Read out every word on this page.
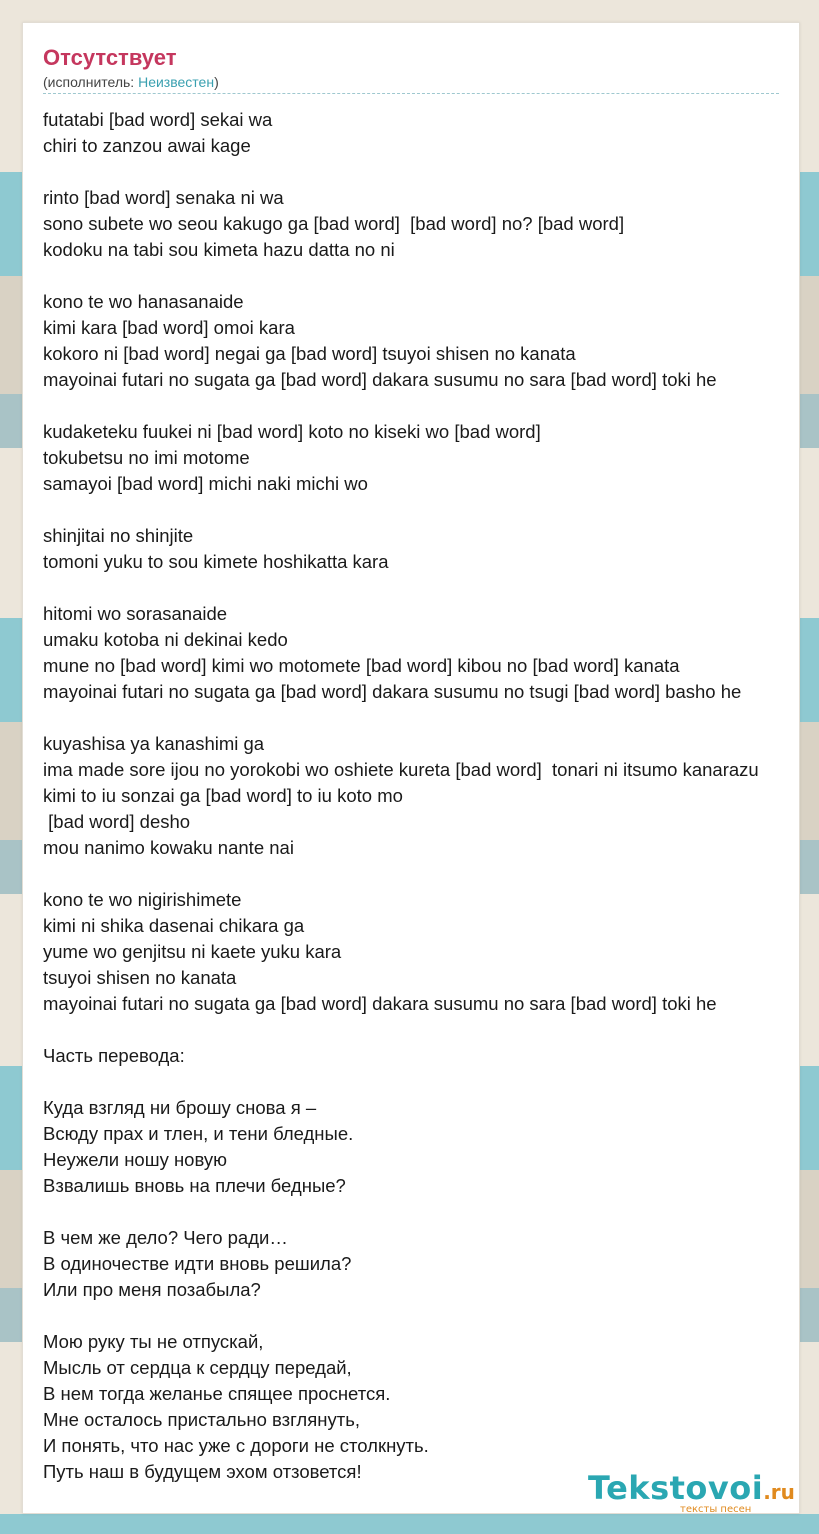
Отсутствует
(исполнитель: Неизвестен)
futatabi [bad word] sekai wa
chiri to zanzou awai kage
rinto [bad word] senaka ni wa
sono subete wo seou kakugo ga [bad word]  [bad word] no? [bad word]
kodoku na tabi sou kimeta hazu datta no ni
kono te wo hanasanaide
kimi kara [bad word] omoi kara
kokoro ni [bad word] negai ga [bad word] tsuyoi shisen no kanata
mayoinai futari no sugata ga [bad word] dakara susumu no sara [bad word] toki he
kudaketeku fuukei ni [bad word] koto no kiseki wo [bad word]
tokubetsu no imi motome
samayoi [bad word] michi naki michi wo
shinjitai no shinjite
tomoni yuku to sou kimete hoshikatta kara
hitomi wo sorasanaide
umaku kotoba ni dekinai kedo
mune no [bad word] kimi wo motomete [bad word] kibou no [bad word] kanata
mayoinai futari no sugata ga [bad word] dakara susumu no tsugi [bad word] basho he
kuyashisa ya kanashimi ga
ima made sore ijou no yorokobi wo oshiete kureta [bad word]  tonari ni itsumo kanarazu
kimi to iu sonzai ga [bad word] to iu koto mo
[bad word] desho
mou nanimo kowaku nante nai
kono te wo nigirishimete
kimi ni shika dasenai chikara ga
yume wo genjitsu ni kaete yuku kara
tsuyoi shisen no kanata
mayoinai futari no sugata ga [bad word] dakara susumu no sara [bad word] toki he
Часть перевода:
Куда взгляд ни брошу снова я –
Всюду прах и тлен, и тени бледные.
Неужели ношу новую
Взвалишь вновь на плечи бедные?
В чем же дело? Чего ради…
В одиночестве идти вновь решила?
Или про меня позабыла?
Мою руку ты не отпускай,
Мысль от сердца к сердцу передай,
В нем тогда желанье спящее проснется.
Мне осталось пристально взглянуть,
И понять, что нас уже с дороги не столкнуть.
Путь наш в будущем эхом отзовется!	Tekstovoi.ru
тексты песен
